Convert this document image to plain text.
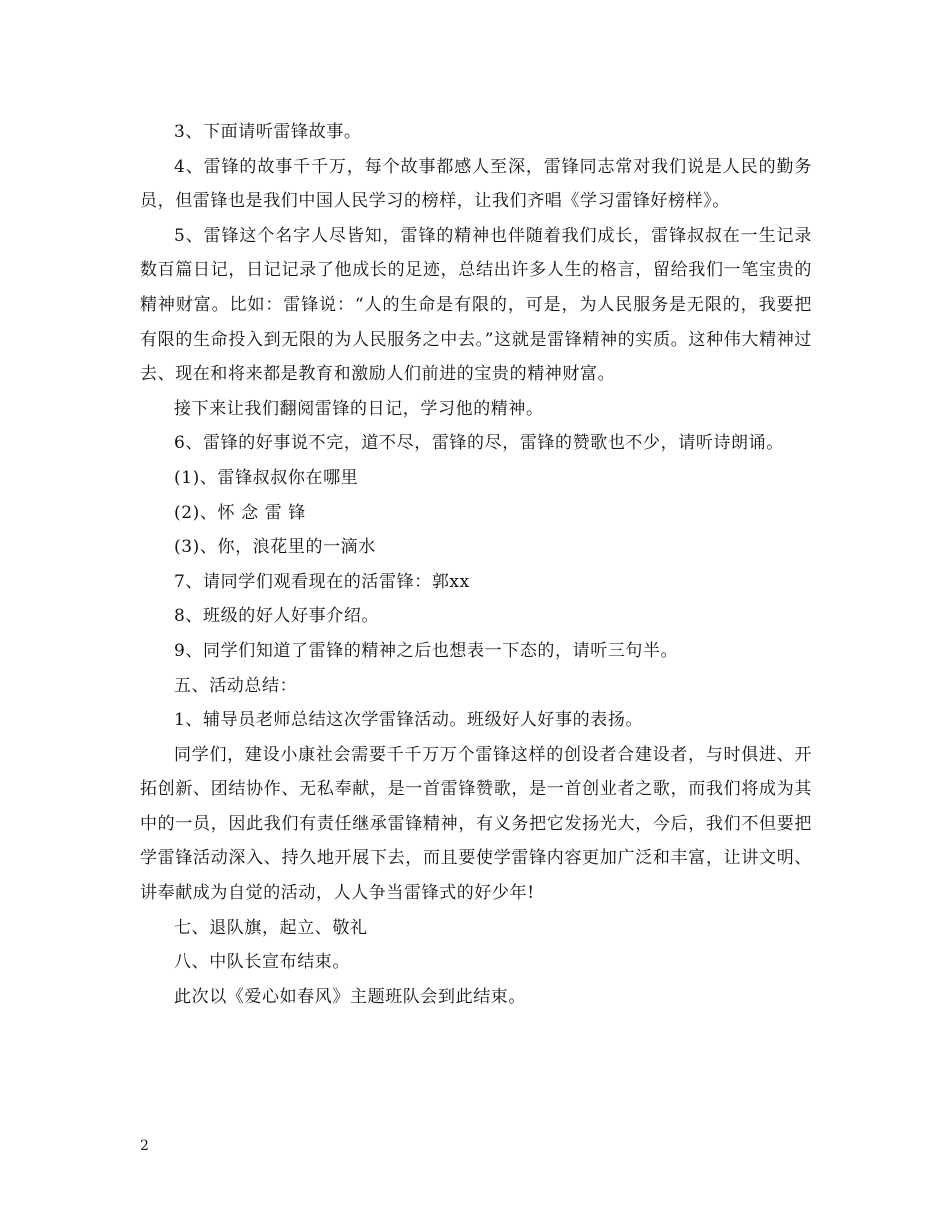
3、下面请听雷锋故事。

4、雷锋的故事千千万，每个故事都感人至深，雷锋同志常对我们说是人民的勤务员，但雷锋也是我们中国人民学习的榜样，让我们齐唱《学习雷锋好榜样》。

5、雷锋这个名字人尽皆知，雷锋的精神也伴随着我们成长，雷锋叔叔在一生记录数百篇日记，日记记录了他成长的足迹，总结出许多人生的格言，留给我们一笔宝贵的精神财富。比如：雷锋说：“人的生命是有限的，可是，为人民服务是无限的，我要把有限的生命投入到无限的为人民服务之中去。”这就是雷锋精神的实质。这种伟大精神过去、现在和将来都是教育和激励人们前进的宝贵的精神财富。

接下来让我们翻阅雷锋的日记，学习他的精神。

6、雷锋的好事说不完，道不尽，雷锋的尽，雷锋的赞歌也不少，请听诗朗诵。

(1)、雷锋叔叔你在哪里

(2)、怀 念 雷 锋

(3)、你，浪花里的一滴水

7、请同学们观看现在的活雷锋：郭xx

8、班级的好人好事介绍。

9、同学们知道了雷锋的精神之后也想表一下态的，请听三句半。

五、活动总结：

1、辅导员老师总结这次学雷锋活动。班级好人好事的表扬。

同学们，建设小康社会需要千千万万个雷锋这样的创设者合建设者，与时俱进、开拓创新、团结协作、无私奉献，是一首雷锋赞歌，是一首创业者之歌，而我们将成为其中的一员，因此我们有责任继承雷锋精神，有义务把它发扬光大，今后，我们不但要把学雷锋活动深入、持久地开展下去，而且要使学雷锋内容更加广泛和丰富，让讲文明、讲奉献成为自觉的活动，人人争当雷锋式的好少年!

七、退队旗，起立、敬礼

八、中队长宣布结束。

此次以《爱心如春风》主题班队会到此结束。

2
